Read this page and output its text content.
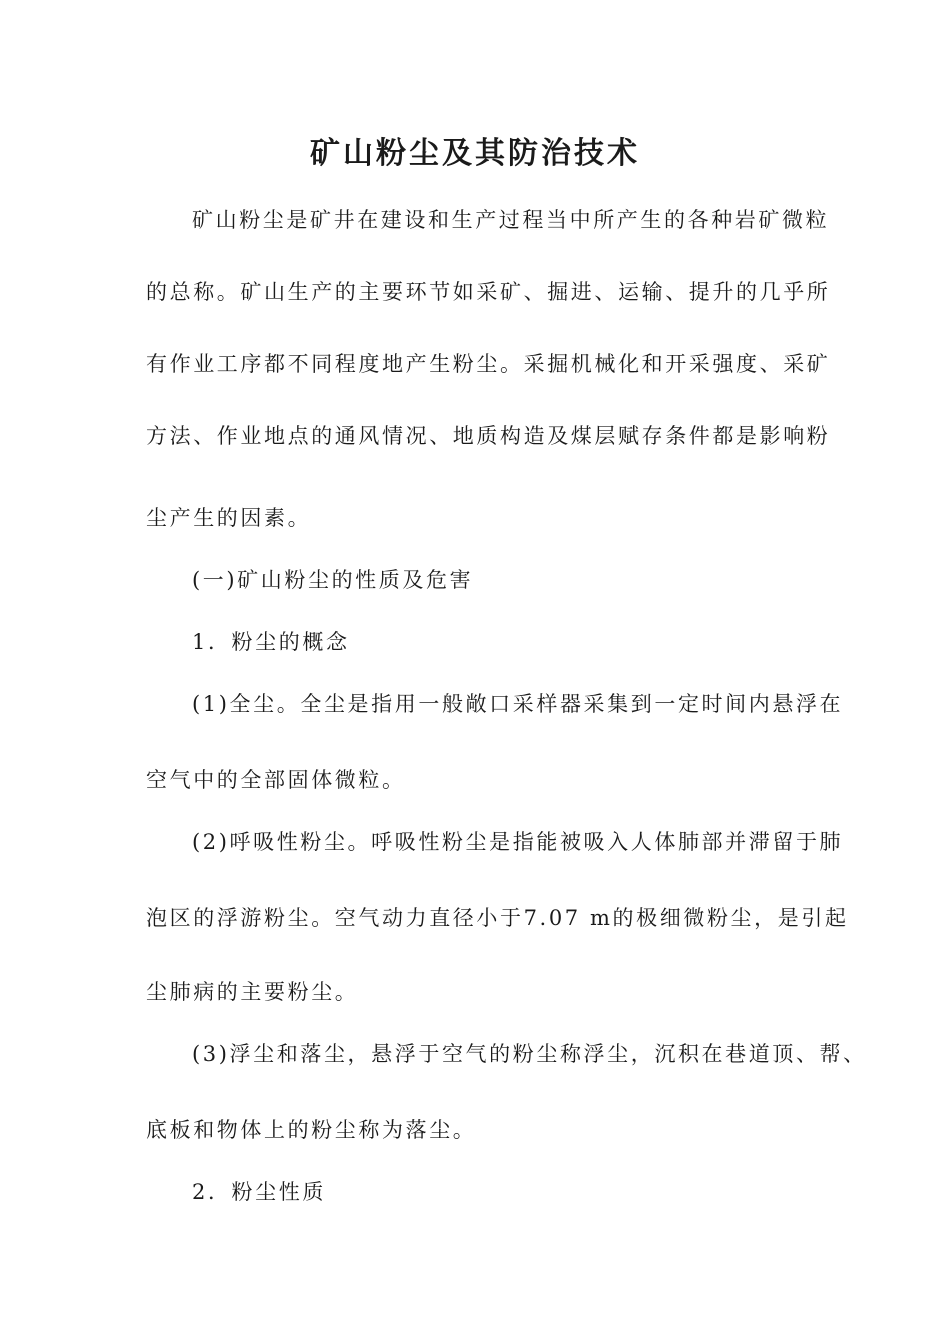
矿山粉尘及其防治技术
矿山粉尘是矿井在建设和生产过程当中所产生的各种岩矿微粒
的总称。矿山生产的主要环节如采矿、掘进、运输、提升的几乎所
有作业工序都不同程度地产生粉尘。采掘机械化和开采强度、采矿
方法、作业地点的通风情况、地质构造及煤层赋存条件都是影响粉
尘产生的因素。
(一)矿山粉尘的性质及危害
1．粉尘的概念
(1)全尘。全尘是指用一般敞口采样器采集到一定时间内悬浮在
空气中的全部固体微粒。
(2)呼吸性粉尘。呼吸性粉尘是指能被吸入人体肺部并滞留于肺
泡区的浮游粉尘。空气动力直径小于7.07 m的极细微粉尘，是引起
尘肺病的主要粉尘。
(3)浮尘和落尘，悬浮于空气的粉尘称浮尘，沉积在巷道顶、帮、
底板和物体上的粉尘称为落尘。
2．粉尘性质
